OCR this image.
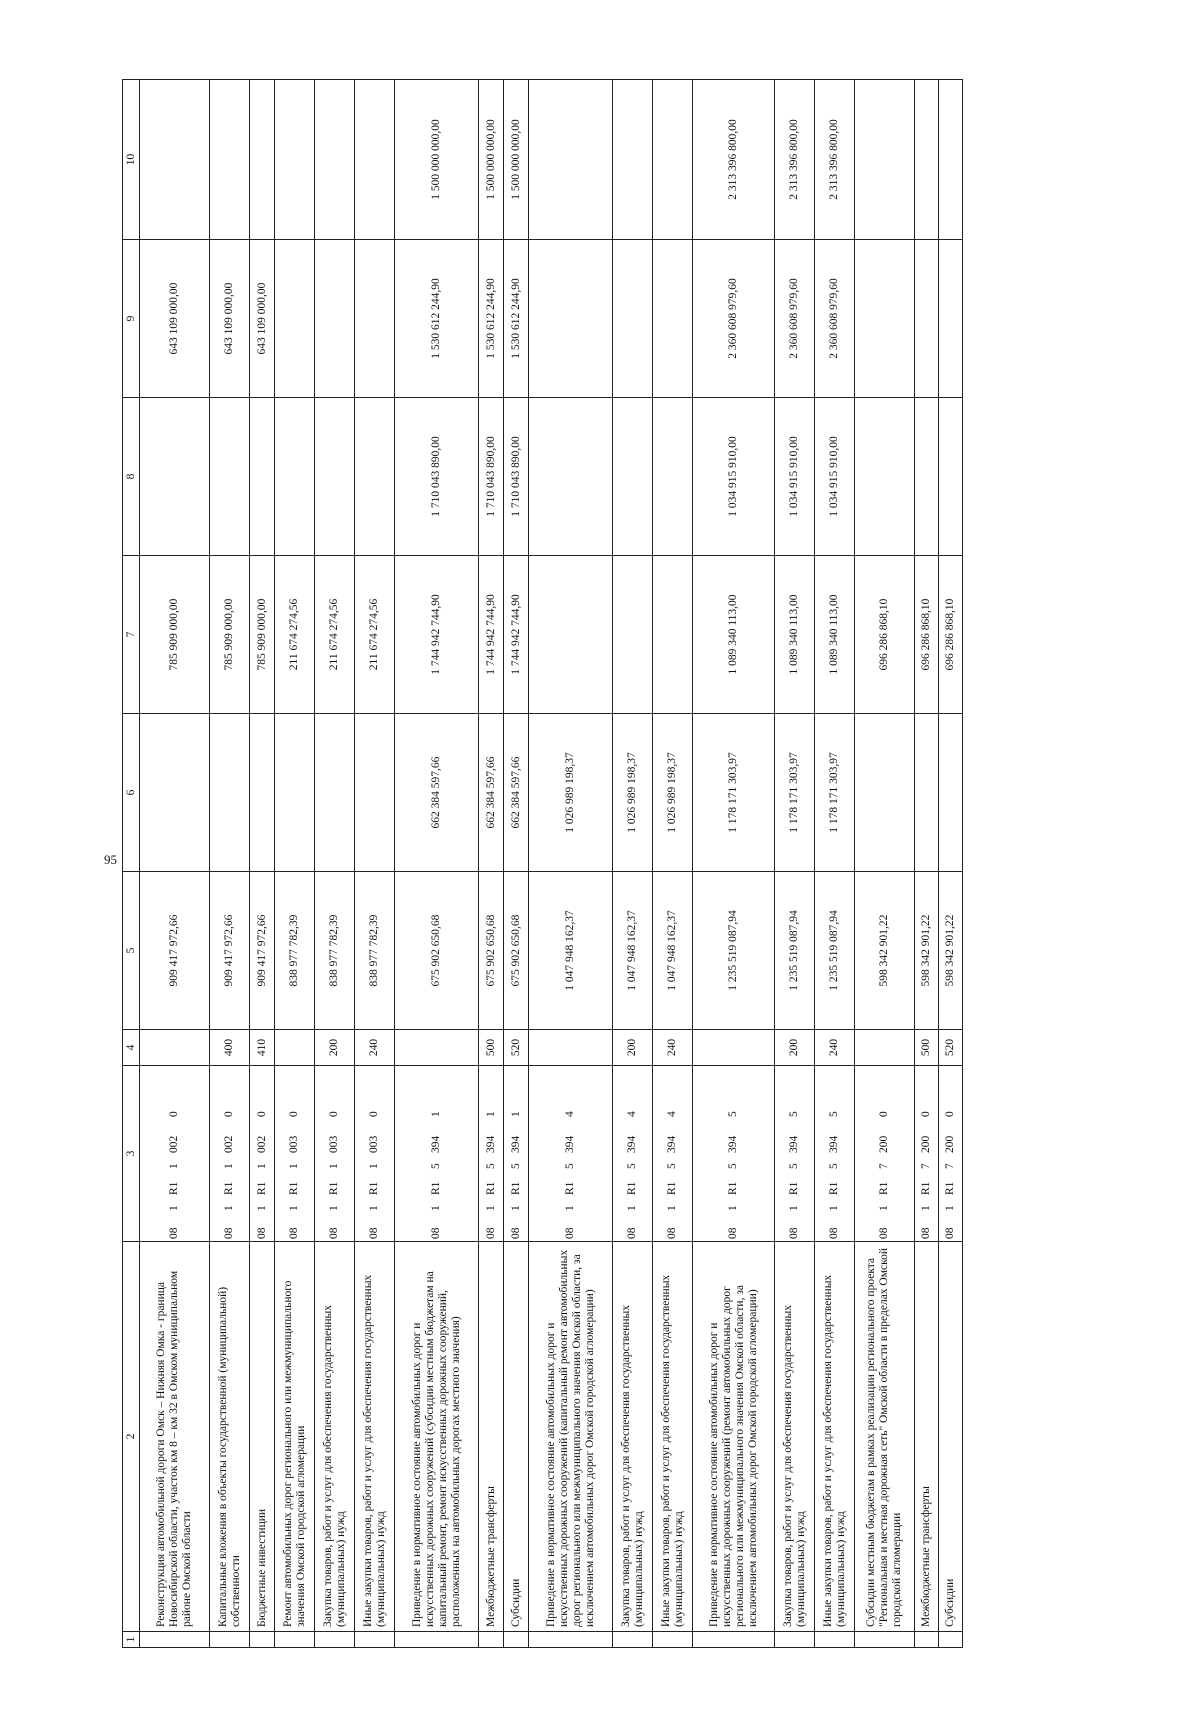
95
1	2	3	4	5	6	7	8	9	10
	Реконструкция автомобильной дороги Омск – Нижняя Омка - граница Новосибирской области, участок км 8 – км 32 в Омском муниципальном районе Омской области	081R110020		909 417 972,66		785 909 000,00		643 109 000,00	
	Капитальные вложения в объекты государственной (муниципальной) собственности	081R110020	400	909 417 972,66		785 909 000,00		643 109 000,00	
	Бюджетные инвестиции	081R110020	410	909 417 972,66		785 909 000,00		643 109 000,00	
	Ремонт автомобильных дорог регионального или межмуниципального значения Омской городской агломерации	081R110030		838 977 782,39		211 674 274,56			
	Закупка товаров, работ и услуг для обеспечения государственных (муниципальных) нужд	081R110030	200	838 977 782,39		211 674 274,56			
	Иные закупки товаров, работ и услуг для обеспечения государственных (муниципальных) нужд	081R110030	240	838 977 782,39		211 674 274,56			
	Приведение в нормативное состояние автомобильных дорог и искусственных дорожных сооружений (субсидии местным бюджетам на капитальный ремонт, ремонт искусственных дорожных сооружений, расположенных на автомобильных дорогах местного значения)	081R153941		675 902 650,68	662 384 597,66	1 744 942 744,90	1 710 043 890,00	1 530 612 244,90	1 500 000 000,00
	Межбюджетные трансферты	081R153941	500	675 902 650,68	662 384 597,66	1 744 942 744,90	1 710 043 890,00	1 530 612 244,90	1 500 000 000,00
	Субсидии	081R153941	520	675 902 650,68	662 384 597,66	1 744 942 744,90	1 710 043 890,00	1 530 612 244,90	1 500 000 000,00
	Приведение в нормативное состояние автомобильных дорог и искусственных дорожных сооружений (капитальный ремонт автомобильных дорог регионального или межмуниципального значения Омской области, за исключением автомобильных дорог Омской городской агломерации)	081R153944		1 047 948 162,37	1 026 989 198,37				
	Закупка товаров, работ и услуг для обеспечения государственных (муниципальных) нужд	081R153944	200	1 047 948 162,37	1 026 989 198,37				
	Иные закупки товаров, работ и услуг для обеспечения государственных (муниципальных) нужд	081R153944	240	1 047 948 162,37	1 026 989 198,37				
	Приведение в нормативное состояние автомобильных дорог и искусственных дорожных сооружений (ремонт автомобильных дорог регионального или межмуниципального значения Омской области, за исключением автомобильных дорог Омской городской агломерации)	081R153945		1 235 519 087,94	1 178 171 303,97	1 089 340 113,00	1 034 915 910,00	2 360 608 979,60	2 313 396 800,00
	Закупка товаров, работ и услуг для обеспечения государственных (муниципальных) нужд	081R153945	200	1 235 519 087,94	1 178 171 303,97	1 089 340 113,00	1 034 915 910,00	2 360 608 979,60	2 313 396 800,00
	Иные закупки товаров, работ и услуг для обеспечения государственных (муниципальных) нужд	081R153945	240	1 235 519 087,94	1 178 171 303,97	1 089 340 113,00	1 034 915 910,00	2 360 608 979,60	2 313 396 800,00
	Субсидии местным бюджетам в рамках реализации регионального проекта "Региональная и местная дорожная сеть" Омской области в пределах Омской городской агломерации	081R172000		598 342 901,22		696 286 868,10			
	Межбюджетные трансферты	081R172000	500	598 342 901,22		696 286 868,10			
	Субсидии	081R172000	520	598 342 901,22		696 286 868,10			
